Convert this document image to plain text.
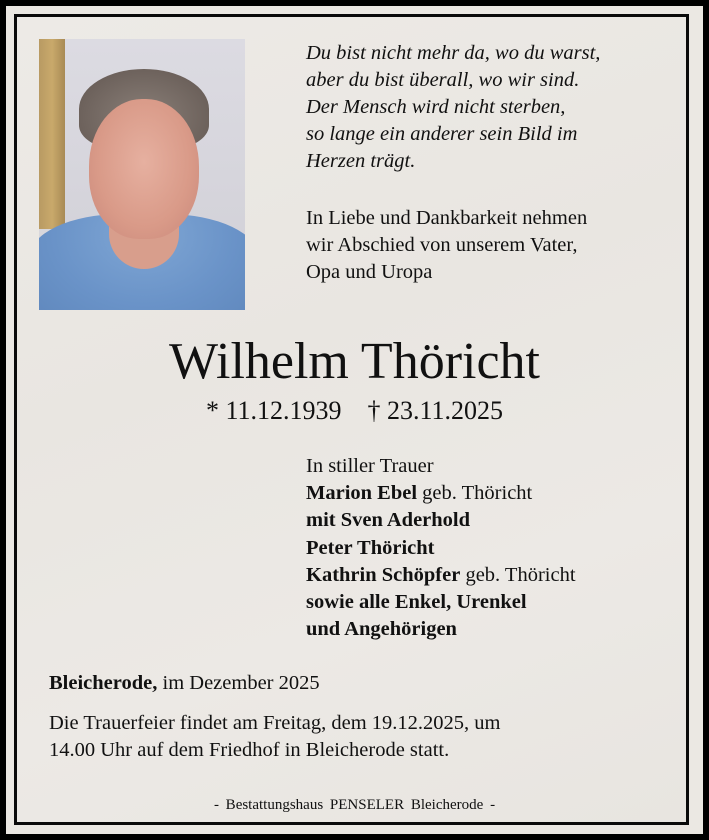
Du bist nicht mehr da, wo du warst,
aber du bist überall, wo wir sind.
Der Mensch wird nicht sterben,
so lange ein anderer sein Bild im
Herzen trägt.
In Liebe und Dankbarkeit nehmen
wir Abschied von unserem Vater,
Opa und Uropa
Wilhelm Thöricht
* 11.12.1939 † 23.11.2025
In stiller Trauer
Marion Ebel geb. Thöricht
mit Sven Aderhold
Peter Thöricht
Kathrin Schöpfer geb. Thöricht
sowie alle Enkel, Urenkel
und Angehörigen
Bleicherode, im Dezember 2025
Die Trauerfeier findet am Freitag, dem 19.12.2025, um
14.00 Uhr auf dem Friedhof in Bleicherode statt.
- Bestattungshaus PENSELER Bleicherode -
